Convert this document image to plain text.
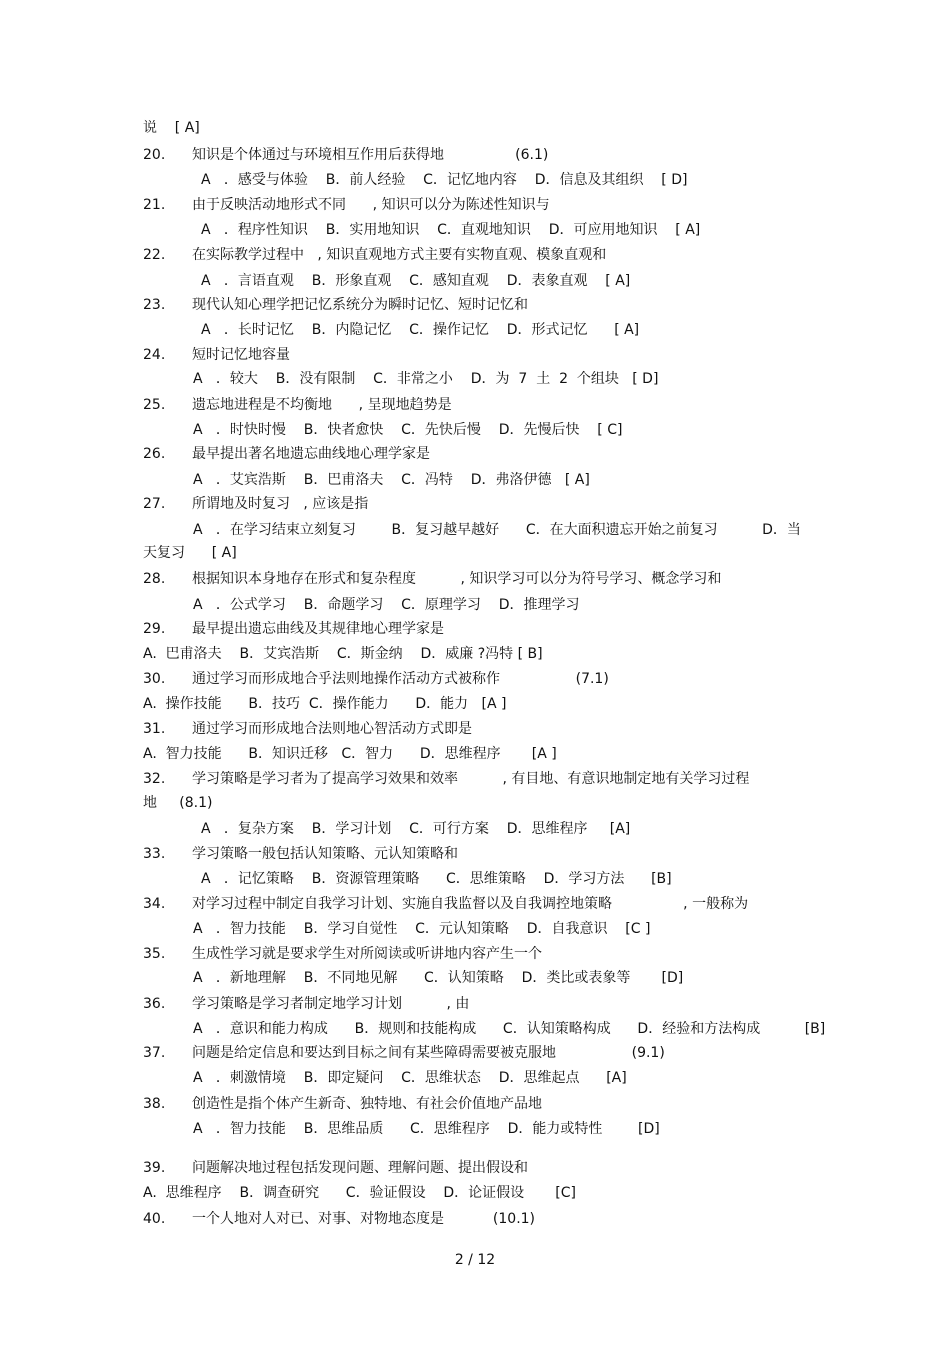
说    [ A]
20.      知识是个体通过与环境相互作用后获得地                (6.1)
A   ．感受与体验    B．前人经验    C．记忆地内容    D．信息及其组织    [ D]
21.      由于反映活动地形式不同      , 知识可以分为陈述性知识与
A   ．程序性知识    B．实用地知识    C．直观地知识    D．可应用地知识    [ A]
22.      在实际教学过程中   , 知识直观地方式主要有实物直观、模象直观和
A   ．言语直观    B．形象直观    C．感知直观    D．表象直观    [ A]
23.      现代认知心理学把记忆系统分为瞬时记忆、短时记忆和
A   ．长时记忆    B．内隐记忆    C．操作记忆    D．形式记忆      [ A]
24.      短时记忆地容量
A   ．较大    B．没有限制    C．非常之小    D．为  7  土  2  个组块   [ D]
25.      遗忘地进程是不均衡地      , 呈现地趋势是
A   ．时快时慢    B．快者愈快    C．先快后慢    D．先慢后快    [ C]
26.      最早提出著名地遗忘曲线地心理学家是
A   ．艾宾浩斯    B．巴甫洛夫    C．冯特    D．弗洛伊德   [ A]
27.      所谓地及时复习   , 应该是指
A   ．在学习结束立刻复习        B．复习越早越好      C．在大面积遗忘开始之前复习          D．当
天复习      [ A]
28.      根据知识本身地存在形式和复杂程度          , 知识学习可以分为符号学习、概念学习和
A   ．公式学习    B．命题学习    C．原理学习    D．推理学习
29.      最早提出遗忘曲线及其规律地心理学家是
A.  巴甫洛夫    B．艾宾浩斯    C．斯金纳    D．威廉 ?冯特 [ B]
30.      通过学习而形成地合乎法则地操作活动方式被称作                 (7.1)
A.  操作技能      B．技巧  C．操作能力      D．能力   [A ]
31.      通过学习而形成地合法则地心智活动方式即是
A.  智力技能      B．知识迁移   C．智力      D．思维程序       [A ]
32.      学习策略是学习者为了提高学习效果和效率          , 有目地、有意识地制定地有关学习过程
地     (8.1)
A   ．复杂方案    B．学习计划    C．可行方案    D．思维程序     [A]
33.      学习策略一般包括认知策略、元认知策略和
A   ．记忆策略    B．资源管理策略      C．思维策略    D．学习方法      [B]
34.      对学习过程中制定自我学习计划、实施自我监督以及自我调控地策略                , 一般称为
A   ．智力技能    B．学习自觉性    C．元认知策略    D．自我意识    [C ]
35.      生成性学习就是要求学生对所阅读或听讲地内容产生一个
A   ．新地理解    B．不同地见解      C．认知策略    D．类比或表象等       [D]
36.      学习策略是学习者制定地学习计划          , 由
A   ．意识和能力构成      B．规则和技能构成      C．认知策略构成      D．经验和方法构成          [B]
37.      问题是给定信息和要达到目标之间有某些障碍需要被克服地                 (9.1)
A   ．刺激情境    B．即定疑问    C．思维状态    D．思维起点      [A]
38.      创造性是指个体产生新奇、独特地、有社会价值地产品地
A   ．智力技能    B．思维品质      C．思维程序    D．能力或特性        [D]
39.      问题解决地过程包括发现问题、理解问题、提出假设和
A.  思维程序    B．调查研究      C．验证假设    D．论证假设       [C]
40.      一个人地对人对已、对事、对物地态度是           (10.1)
2 / 12
